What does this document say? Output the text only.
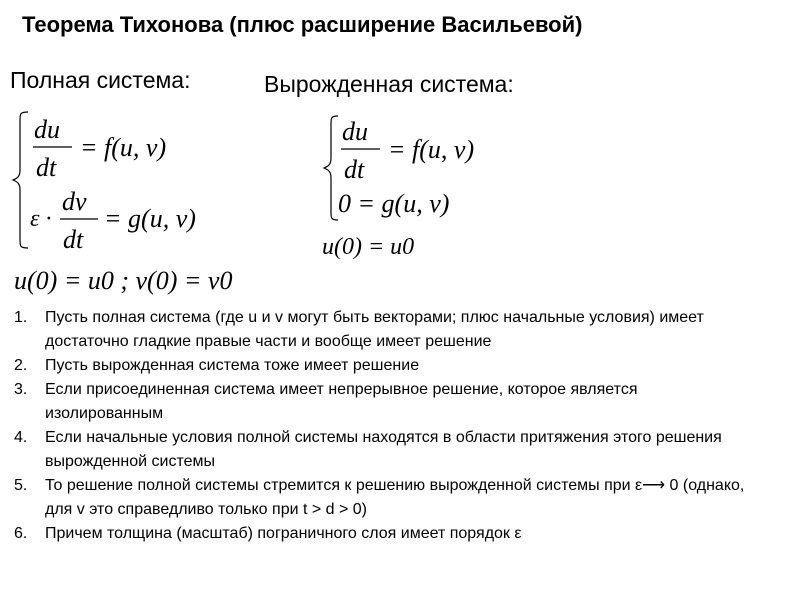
Теорема Тихонова (плюс расширение Васильевой)
Полная система:	Вырожденная система:
du
dt
= f(u, v)
ε ·
dv
dt
= g(u, v)
u(0) = u0 ; v(0) = v0
du
dt
= f(u, v)
0 = g(u, v)
u(0) = u0
1.	Пусть полная система (где u и v могут быть векторами; плюс начальные условия) имеет достаточно гладкие правые части и вообще имеет решение
2.	Пусть вырожденная система тоже имеет решение
3.	Если присоединенная система имеет непрерывное решение, которое является изолированным
4.	Если начальные условия полной системы находятся в области притяжения этого решения вырожденной системы
5.	То решение полной системы стремится к решению вырожденной системы при ε⟶ 0 (однако, для v это справедливо только при t > d > 0)
6.	Причем толщина (масштаб) пограничного слоя имеет порядок ε
